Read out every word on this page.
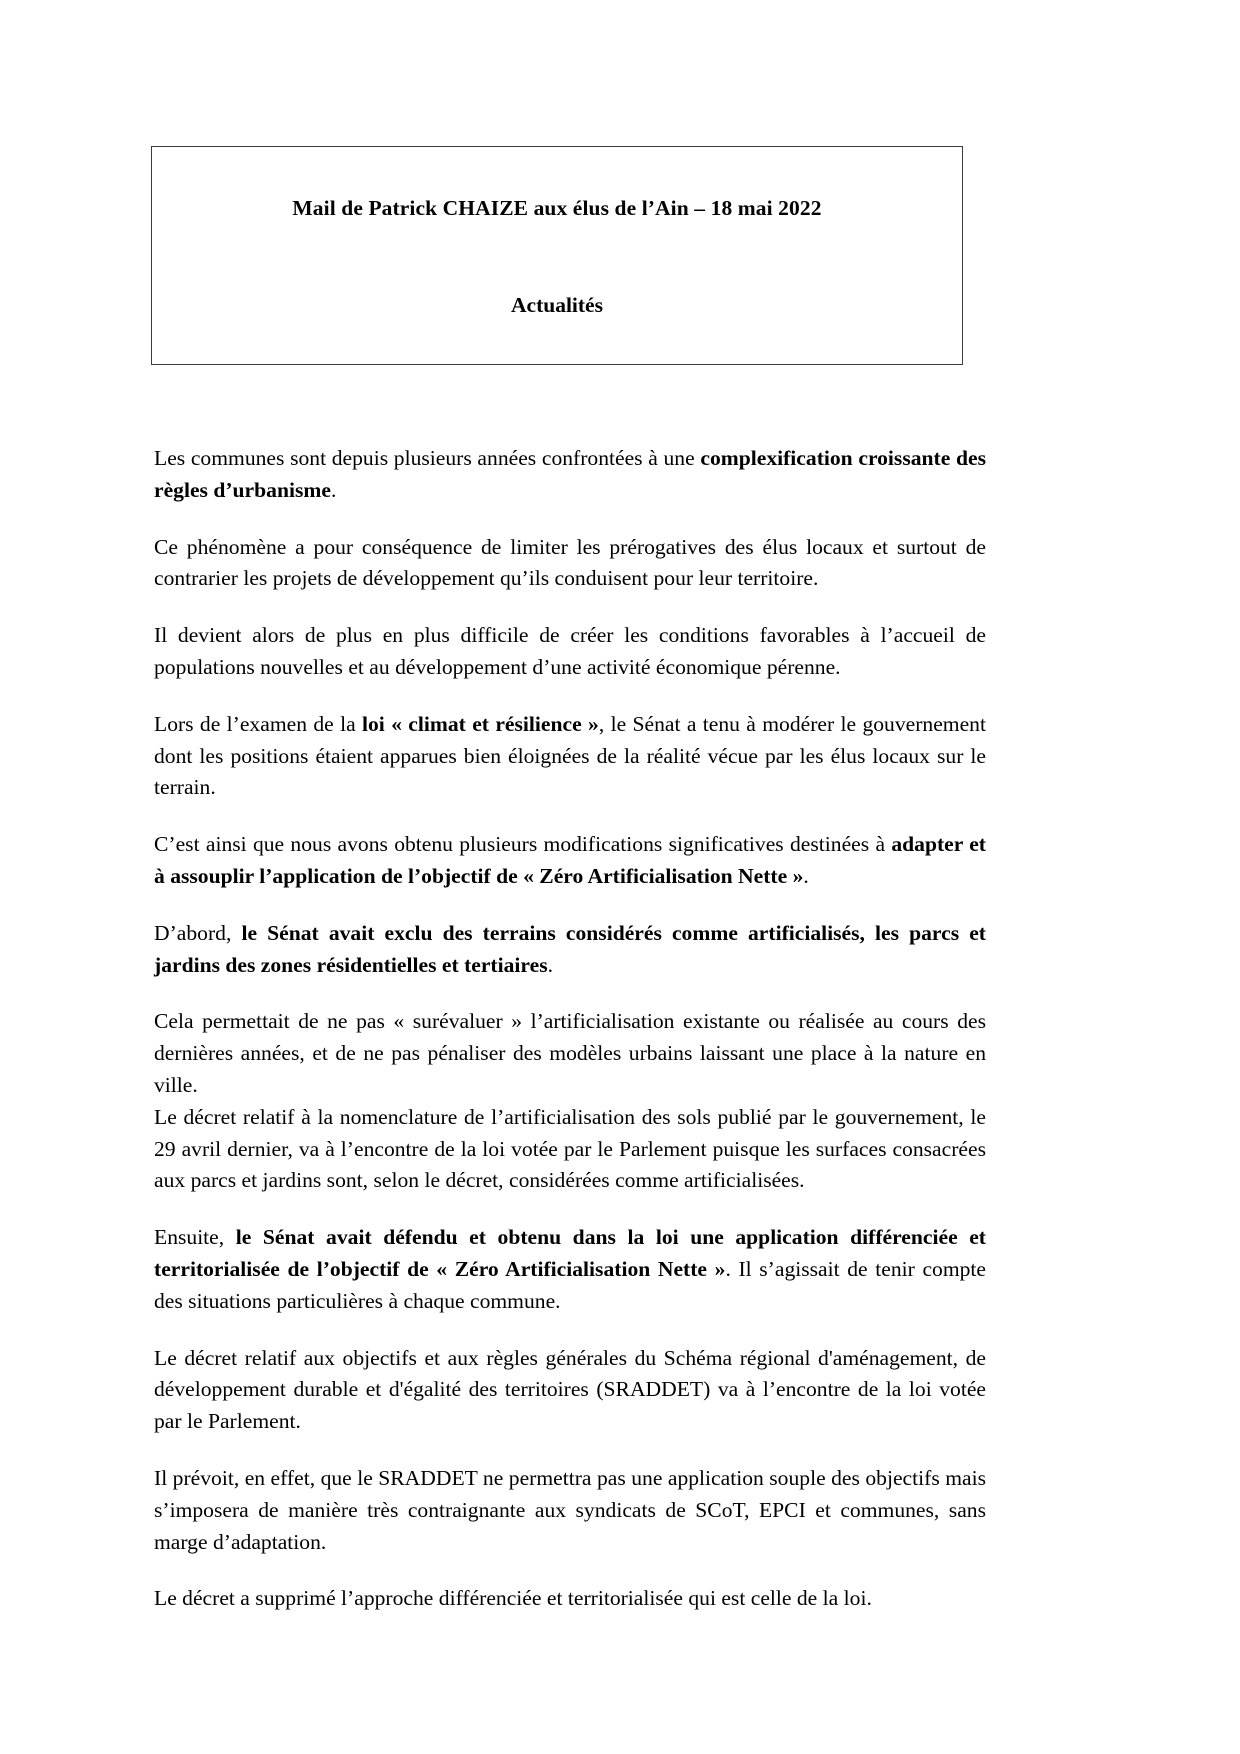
Mail de Patrick CHAIZE aux élus de l’Ain – 18 mai 2022
Actualités

Les communes sont depuis plusieurs années confrontées à une complexification croissante des règles d’urbanisme.

Ce phénomène a pour conséquence de limiter les prérogatives des élus locaux et surtout de contrarier les projets de développement qu’ils conduisent pour leur territoire.

Il devient alors de plus en plus difficile de créer les conditions favorables à l’accueil de populations nouvelles et au développement d’une activité économique pérenne.

Lors de l’examen de la loi « climat et résilience », le Sénat a tenu à modérer le gouvernement dont les positions étaient apparues bien éloignées de la réalité vécue par les élus locaux sur le terrain.

C’est ainsi que nous avons obtenu plusieurs modifications significatives destinées à adapter et à assouplir l’application de l’objectif de « Zéro Artificialisation Nette ».

D’abord, le Sénat avait exclu des terrains considérés comme artificialisés, les parcs et jardins des zones résidentielles et tertiaires.

Cela permettait de ne pas « surévaluer » l’artificialisation existante ou réalisée au cours des dernières années, et de ne pas pénaliser des modèles urbains laissant une place à la nature en ville.

Le décret relatif à la nomenclature de l’artificialisation des sols publié par le gouvernement, le 29 avril dernier, va à l’encontre de la loi votée par le Parlement puisque les surfaces consacrées aux parcs et jardins sont, selon le décret, considérées comme artificialisées.

Ensuite, le Sénat avait défendu et obtenu dans la loi une application différenciée et territorialisée de l’objectif de « Zéro Artificialisation Nette ». Il s’agissait de tenir compte des situations particulières à chaque commune.

Le décret relatif aux objectifs et aux règles générales du Schéma régional d'aménagement, de développement durable et d'égalité des territoires (SRADDET) va à l’encontre de la loi votée par le Parlement.

Il prévoit, en effet, que le SRADDET ne permettra pas une application souple des objectifs mais s’imposera de manière très contraignante aux syndicats de SCoT, EPCI et communes, sans marge d’adaptation.

Le décret a supprimé l’approche différenciée et territorialisée qui est celle de la loi.
